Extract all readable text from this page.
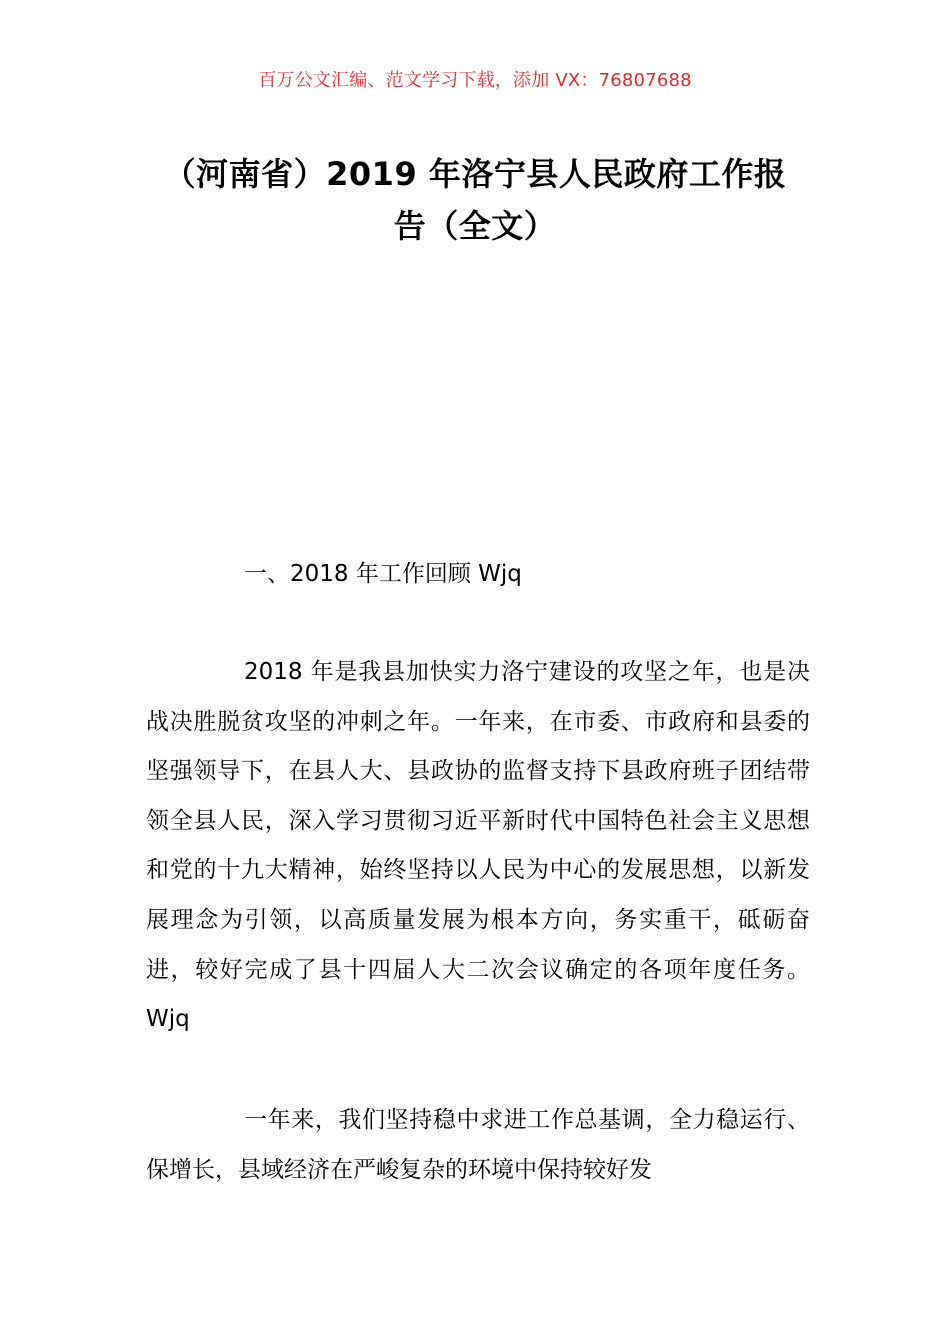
百万公文汇编、范文学习下载，添加 VX：76807688
（河南省）2019 年洛宁县人民政府工作报
告（全文）
一、2018 年工作回顾 Wjq

2018 年是我县加快实力洛宁建设的攻坚之年，也是决战决胜脱贫攻坚的冲刺之年。一年来，在市委、市政府和县委的坚强领导下，在县人大、县政协的监督支持下县政府班子团结带领全县人民，深入学习贯彻习近平新时代中国特色社会主义思想和党的十九大精神，始终坚持以人民为中心的发展思想，以新发展理念为引领，以高质量发展为根本方向，务实重干，砥砺奋进，较好完成了县十四届人大二次会议确定的各项年度任务。Wjq

一年来，我们坚持稳中求进工作总基调，全力稳运行、保增长，县域经济在严峻复杂的环境中保持较好发
